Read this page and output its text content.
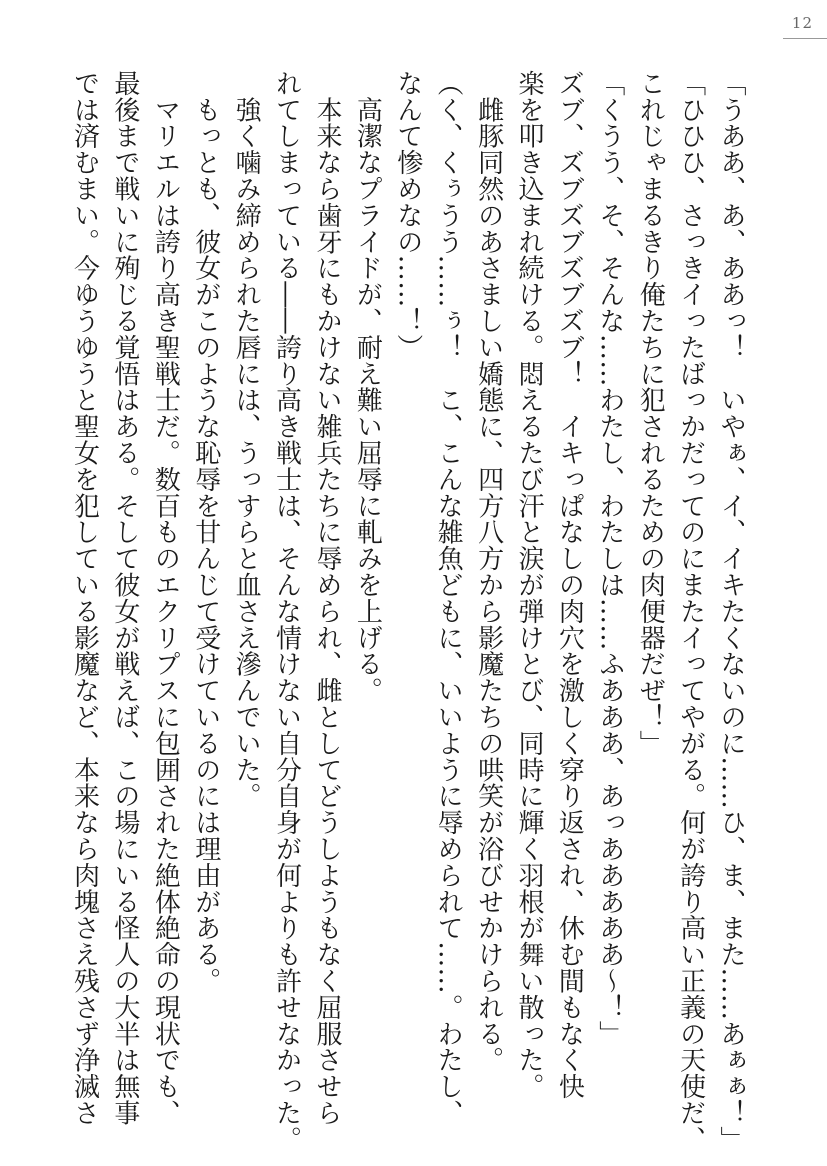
12
「うああ、あ、ああっ！　いやぁ、イ、イキたくないのに……ひ、ま、また……あぁぁ！」
「ひひひ、さっきイったばっかだってのにまたイってやがる。何が誇り高い正義の天使だ、
これじゃまるきり俺たちに犯されるための肉便器だぜ！」
「くうう、そ、そんな……わたし、わたしは……ふあああ、あっあああああ～！」
ズブ、ズブズブズブズブ！　イキっぱなしの肉穴を激しく穿り返され、休む間もなく快
楽を叩き込まれ続ける。悶えるたび汗と涙が弾けとび、同時に輝く羽根が舞い散った。
　雌豚同然のあさましい嬌態に、四方八方から影魔たちの哄笑が浴びせかけられる。
（く、くぅうう……ぅ！　こ、こんな雑魚どもに、いいように辱められて……。わたし、
なんて惨めなの……！）
　高潔なプライドが、耐え難い屈辱に軋みを上げる。
　本来なら歯牙にもかけない雑兵たちに辱められ、雌としてどうしようもなく屈服させら
れてしまっている――誇り高き戦士は、そんな情けない自分自身が何よりも許せなかった。
　強く噛み締められた唇には、うっすらと血さえ滲んでいた。
　もっとも、彼女がこのような恥辱を甘んじて受けているのには理由がある。
　マリエルは誇り高き聖戦士だ。数百ものエクリプスに包囲された絶体絶命の現状でも、
最後まで戦いに殉じる覚悟はある。そして彼女が戦えば、この場にいる怪人の大半は無事
では済むまい。今ゆうゆうと聖女を犯している影魔など、本来なら肉塊さえ残さず浄滅さ
